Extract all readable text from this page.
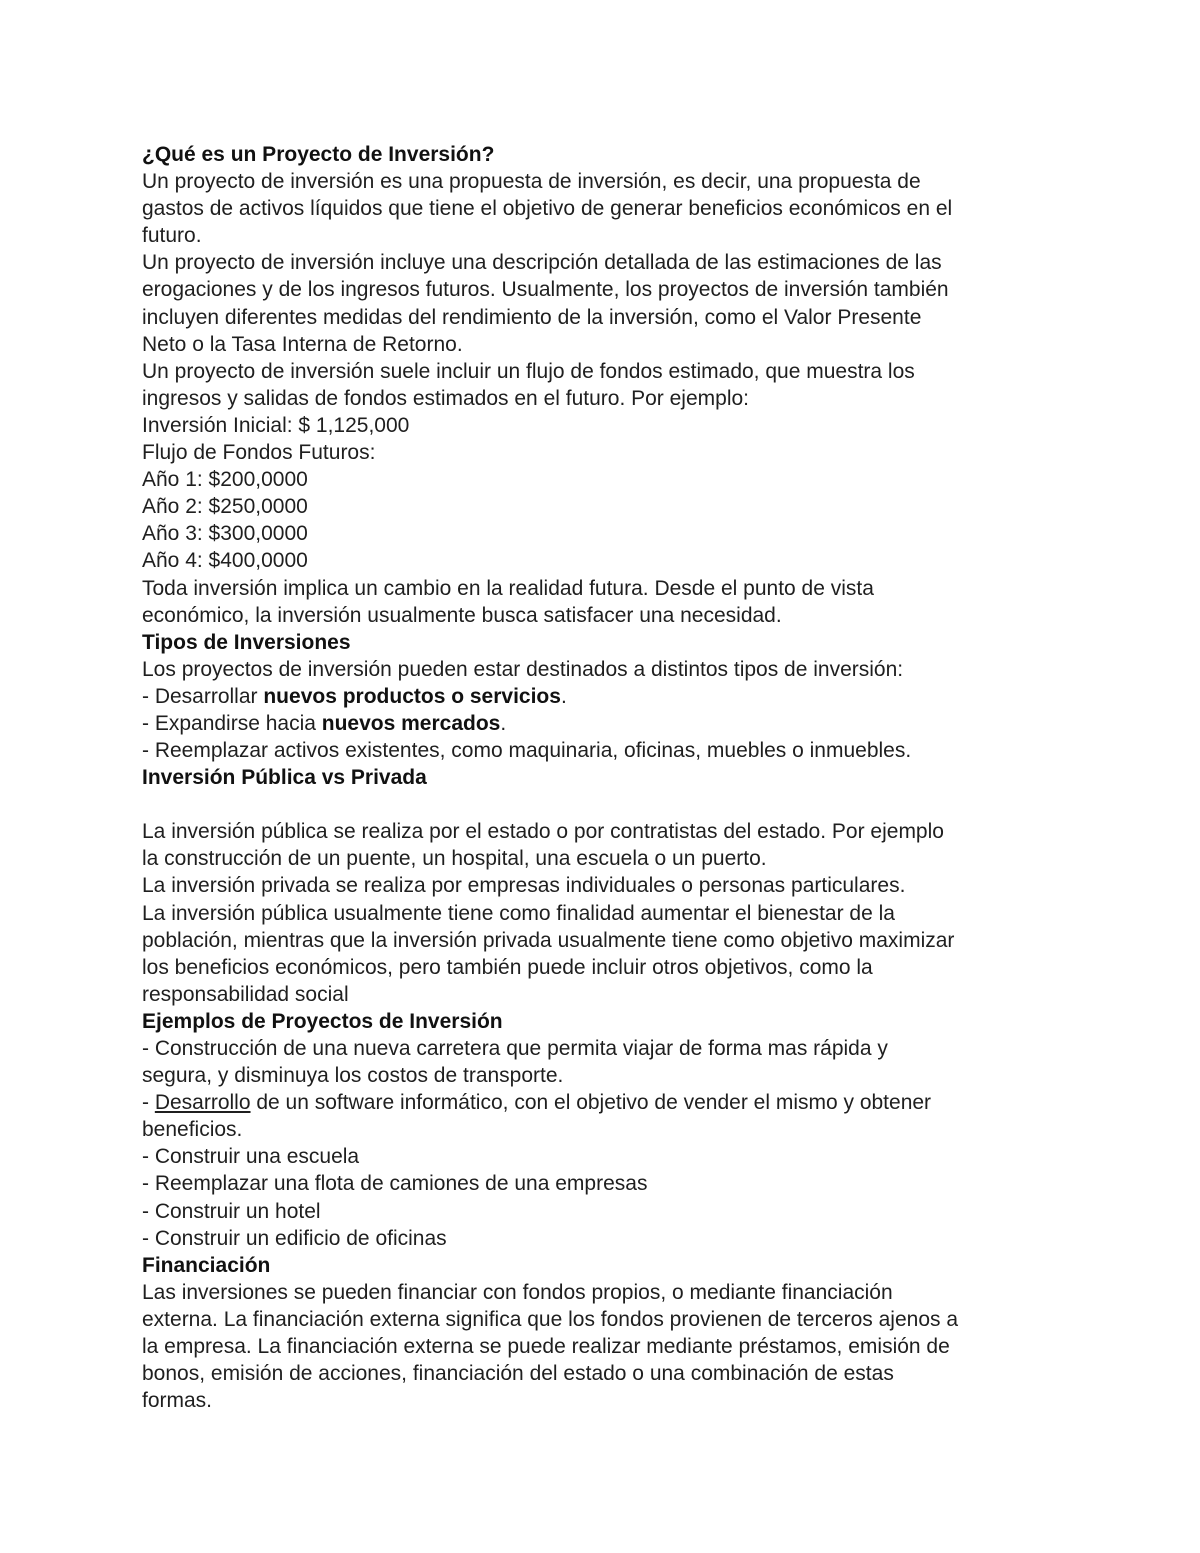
¿Qué es un Proyecto de Inversión?
Un proyecto de inversión es una propuesta de inversión, es decir, una propuesta de
gastos de activos líquidos que tiene el objetivo de generar beneficios económicos en el
futuro.
Un proyecto de inversión incluye una descripción detallada de las estimaciones de las
erogaciones y de los ingresos futuros. Usualmente, los proyectos de inversión también
incluyen diferentes medidas del rendimiento de la inversión, como el Valor Presente
Neto o la Tasa Interna de Retorno.
Un proyecto de inversión suele incluir un flujo de fondos estimado, que muestra los
ingresos y salidas de fondos estimados en el futuro. Por ejemplo:
Inversión Inicial: $ 1,125,000
Flujo de Fondos Futuros:
Año 1: $200,0000
Año 2: $250,0000
Año 3: $300,0000
Año 4: $400,0000
Toda inversión implica un cambio en la realidad futura. Desde el punto de vista
económico, la inversión usualmente busca satisfacer una necesidad.
Tipos de Inversiones
Los proyectos de inversión pueden estar destinados a distintos tipos de inversión:
- Desarrollar nuevos productos o servicios.
- Expandirse hacia nuevos mercados.
- Reemplazar activos existentes, como maquinaria, oficinas, muebles o inmuebles.
Inversión Pública vs Privada
La inversión pública se realiza por el estado o por contratistas del estado. Por ejemplo
la construcción de un puente, un hospital, una escuela o un puerto.
La inversión privada se realiza por empresas individuales o personas particulares.
La inversión pública usualmente tiene como finalidad aumentar el bienestar de la
población, mientras que la inversión privada usualmente tiene como objetivo maximizar
los beneficios económicos, pero también puede incluir otros objetivos, como la
responsabilidad social
Ejemplos de Proyectos de Inversión
- Construcción de una nueva carretera que permita viajar de forma mas rápida y
segura, y disminuya los costos de transporte.
- Desarrollo de un software informático, con el objetivo de vender el mismo y obtener
beneficios.
- Construir una escuela
- Reemplazar una flota de camiones de una empresas
- Construir un hotel
- Construir un edificio de oficinas
Financiación
Las inversiones se pueden financiar con fondos propios, o mediante financiación
externa. La financiación externa significa que los fondos provienen de terceros ajenos a
la empresa. La financiación externa se puede realizar mediante préstamos, emisión de
bonos, emisión de acciones, financiación del estado o una combinación de estas
formas.
